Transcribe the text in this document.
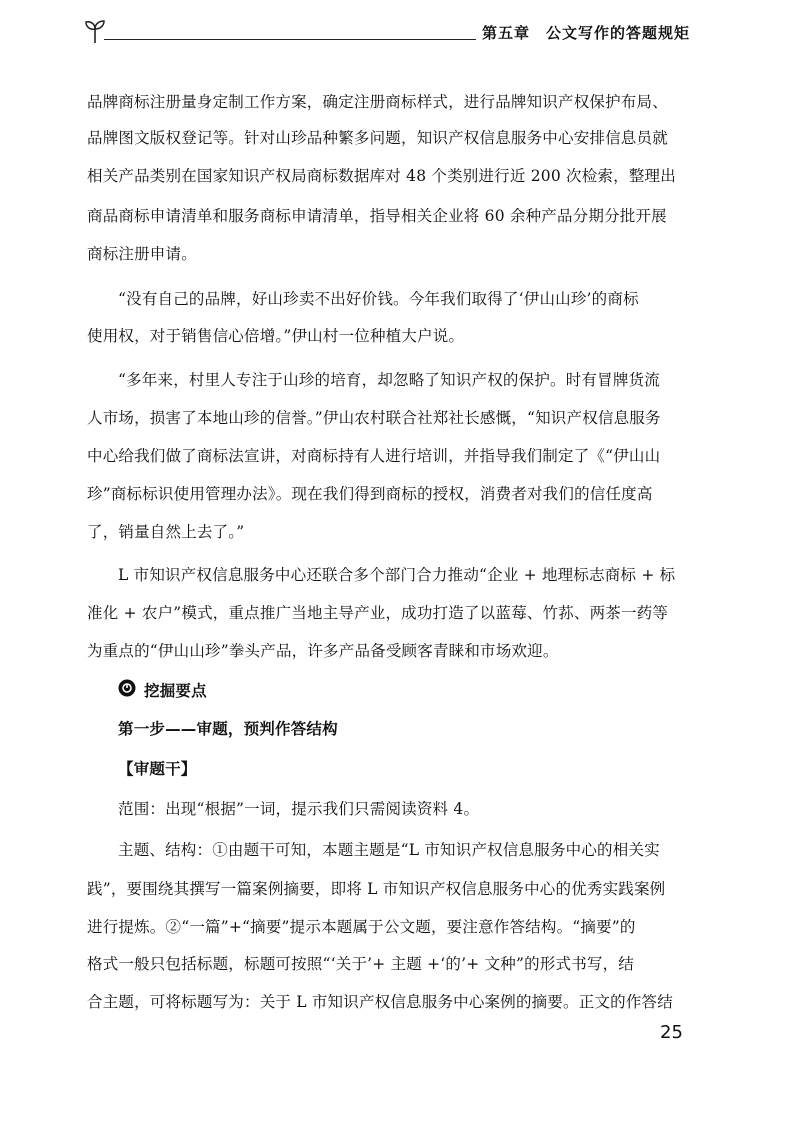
第五章 公文写作的答题规矩
品牌商标注册量身定制工作方案，确定注册商标样式，进行品牌知识产权保护布局、
品牌图文版权登记等。针对山珍品种繁多问题，知识产权信息服务中心安排信息员就
相关产品类别在国家知识产权局商标数据库对 48 个类别进行近 200 次检索，整理出
商品商标申请清单和服务商标申请清单，指导相关企业将 60 余种产品分期分批开展
商标注册申请。
“没有自己的品牌，好山珍卖不出好价钱。今年我们取得了‘伊山山珍’的商标
使用权，对于销售信心倍增。”伊山村一位种植大户说。
“多年来，村里人专注于山珍的培育，却忽略了知识产权的保护。时有冒牌货流
人市场，损害了本地山珍的信誉。”伊山农村联合社郑社长感慨，“知识产权信息服务
中心给我们做了商标法宣讲，对商标持有人进行培训，并指导我们制定了《“伊山山
珍”商标标识使用管理办法》。现在我们得到商标的授权，消费者对我们的信任度高
了，销量自然上去了。”
L 市知识产权信息服务中心还联合多个部门合力推动“企业 + 地理标志商标 + 标
准化 + 农户”模式，重点推广当地主导产业，成功打造了以蓝莓、竹荪、两茶一药等
为重点的“伊山山珍”拳头产品，许多产品备受顾客青睐和市场欢迎。
挖掘要点
第一步——审题，预判作答结构
【审题干】
范围：出现“根据”一词，提示我们只需阅读资料 4。
主题、结构：①由题干可知，本题主题是“L 市知识产权信息服务中心的相关实
践”，要围绕其撰写一篇案例摘要，即将 L 市知识产权信息服务中心的优秀实践案例
进行提炼。②“一篇”+“摘要”提示本题属于公文题，要注意作答结构。“摘要”的
格式一般只包括标题，标题可按照“‘关于’+ 主题 +‘的’+ 文种”的形式书写，结
合主题，可将标题写为：关于 L 市知识产权信息服务中心案例的摘要。正文的作答结
25
